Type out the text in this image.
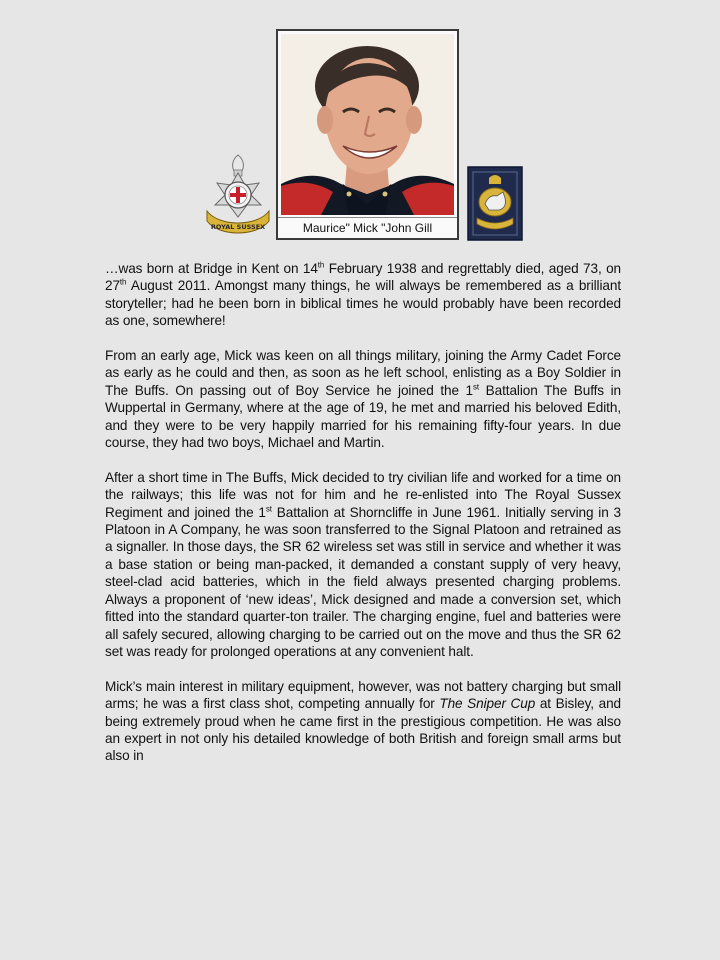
ROYAL SUSSEX	Maurice" Mick "John Gill

…was born at Bridge in Kent on 14th February 1938 and regrettably died, aged 73, on 27th August 2011. Amongst many things, he will always be remembered as a brilliant storyteller; had he been born in biblical times he would probably have been recorded as one, somewhere!

From an early age, Mick was keen on all things military, joining the Army Cadet Force as early as he could and then, as soon as he left school, enlisting as a Boy Soldier in The Buffs. On passing out of Boy Service he joined the 1st Battalion The Buffs in Wuppertal in Germany, where at the age of 19, he met and married his beloved Edith, and they were to be very happily married for his remaining fifty-four years. In due course, they had two boys, Michael and Martin.

After a short time in The Buffs, Mick decided to try civilian life and worked for a time on the railways; this life was not for him and he re-enlisted into The Royal Sussex Regiment and joined the 1st Battalion at Shorncliffe in June 1961. Initially serving in 3 Platoon in A Company, he was soon transferred to the Signal Platoon and retrained as a signaller. In those days, the SR 62 wireless set was still in service and whether it was a base station or being man-packed, it demanded a constant supply of very heavy, steel-clad acid batteries, which in the field always presented charging problems. Always a proponent of ‘new ideas’, Mick designed and made a conversion set, which fitted into the standard quarter-ton trailer. The charging engine, fuel and batteries were all safely secured, allowing charging to be carried out on the move and thus the SR 62 set was ready for prolonged operations at any convenient halt.

Mick’s main interest in military equipment, however, was not battery charging but small arms; he was a first class shot, competing annually for The Sniper Cup at Bisley, and being extremely proud when he came first in the prestigious competition. He was also an expert in not only his detailed knowledge of both British and foreign small arms but also in
